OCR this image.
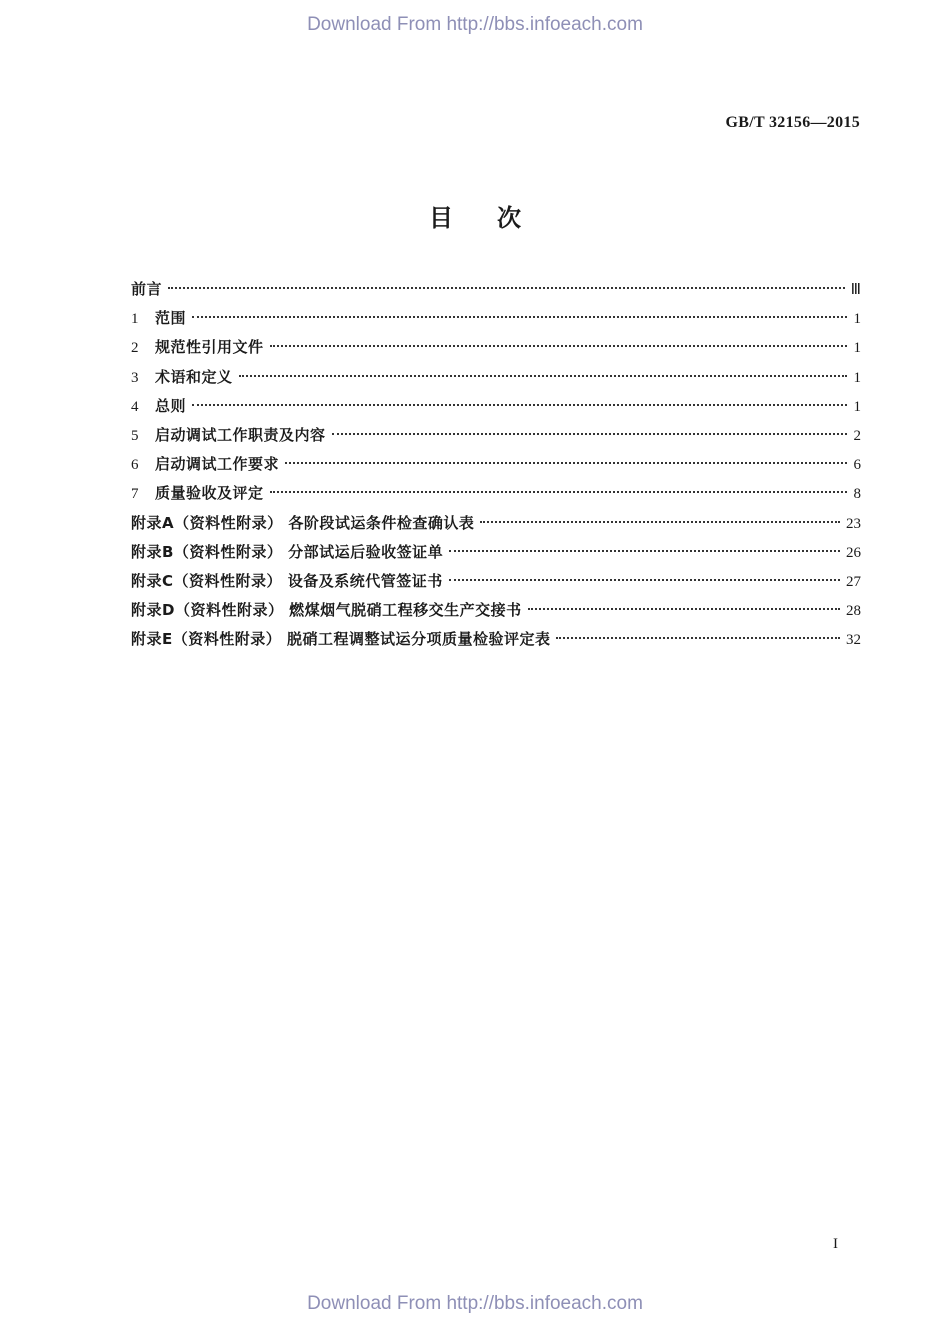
Download From http://bbs.infoeach.com
GB/T 32156—2015
目次
前言	Ⅲ
1 范围	1
2 规范性引用文件	1
3 术语和定义	1
4 总则	1
5 启动调试工作职责及内容	2
6 启动调试工作要求	6
7 质量验收及评定	8
附录A（资料性附录） 各阶段试运条件检查确认表	23
附录B（资料性附录） 分部试运后验收签证单	26
附录C（资料性附录） 设备及系统代管签证书	27
附录D（资料性附录） 燃煤烟气脱硝工程移交生产交接书	28
附录E（资料性附录） 脱硝工程调整试运分项质量检验评定表	32
I
Download From http://bbs.infoeach.com
